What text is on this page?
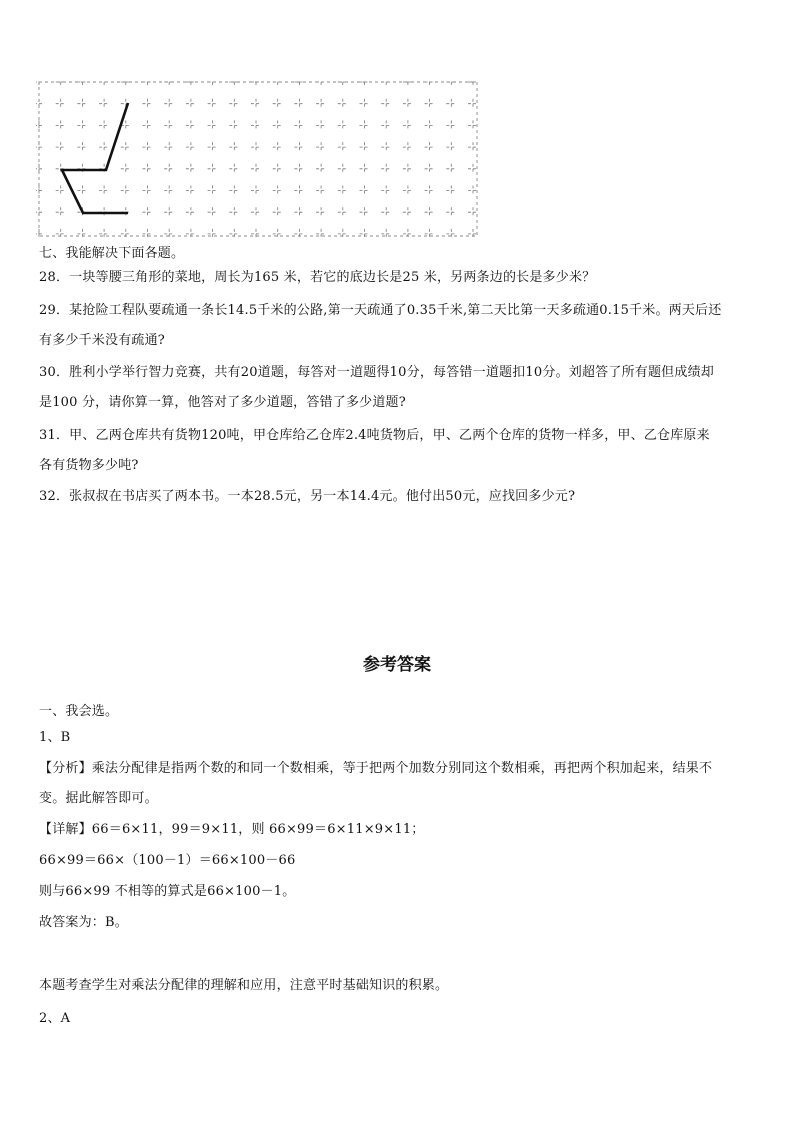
七、我能解决下面各题。

28．一块等腰三角形的菜地，周长为165 米，若它的底边长是25 米，另两条边的长是多少米？

29．某抢险工程队要疏通一条长14.5千米的公路,第一天疏通了0.35千米,第二天比第一天多疏通0.15千米。两天后还

有多少千米没有疏通?

30．胜利小学举行智力竞赛，共有20道题，每答对一道题得10分，每答错一道题扣10分。刘超答了所有题但成绩却

是100 分，请你算一算，他答对了多少道题，答错了多少道题?

31．甲、乙两仓库共有货物120吨，甲仓库给乙仓库2.4吨货物后，甲、乙两个仓库的货物一样多，甲、乙仓库原来

各有货物多少吨?

32．张叔叔在书店买了两本书。一本28.5元，另一本14.4元。他付出50元，应找回多少元?

参考答案

一、我会选。

1、B

【分析】乘法分配律是指两个数的和同一个数相乘，等于把两个加数分别同这个数相乘，再把两个积加起来，结果不

变。据此解答即可。

【详解】66＝6×11，99＝9×11，则 66×99＝6×11×9×11；

66×99＝66×（100－1）＝66×100－66

则与66×99 不相等的算式是66×100－1。

故答案为：B。

本题考查学生对乘法分配律的理解和应用，注意平时基础知识的积累。

2、A
